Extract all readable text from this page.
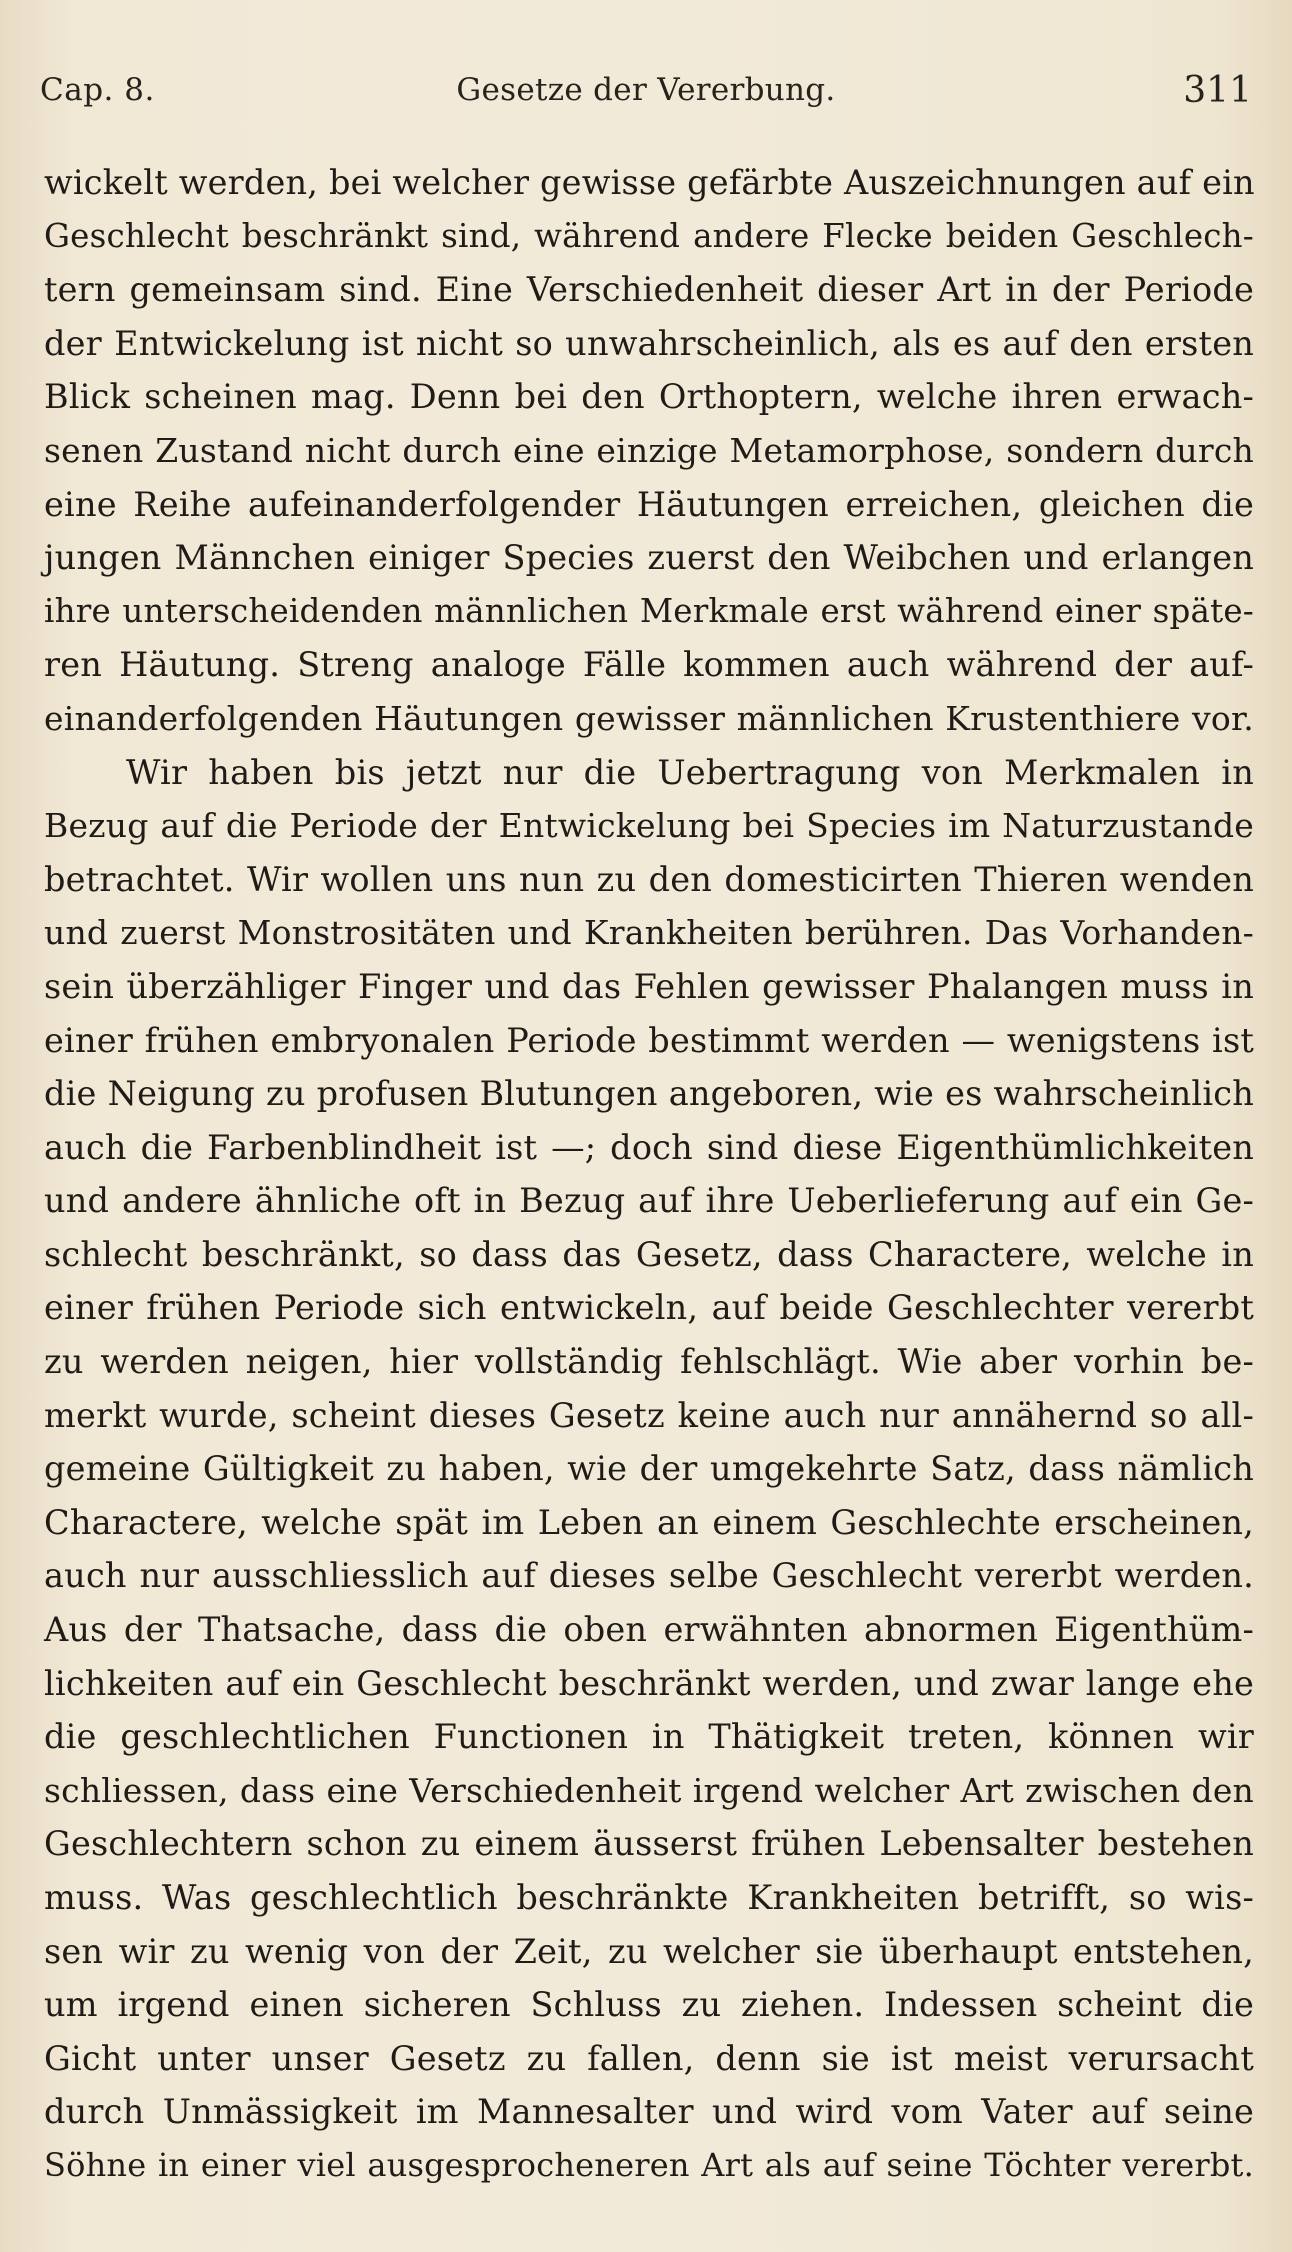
Cap. 8.	Gesetze der Vererbung.	311
wickelt werden, bei welcher gewisse gefärbte Auszeichnungen auf ein
Geschlecht beschränkt sind, während andere Flecke beiden Geschlech-
tern gemeinsam sind. Eine Verschiedenheit dieser Art in der Periode
der Entwickelung ist nicht so unwahrscheinlich, als es auf den ersten
Blick scheinen mag. Denn bei den Orthoptern, welche ihren erwach-
senen Zustand nicht durch eine einzige Metamorphose, sondern durch
eine Reihe aufeinanderfolgender Häutungen erreichen, gleichen die
jungen Männchen einiger Species zuerst den Weibchen und erlangen
ihre unterscheidenden männlichen Merkmale erst während einer späte-
ren Häutung. Streng analoge Fälle kommen auch während der auf-
einanderfolgenden Häutungen gewisser männlichen Krustenthiere vor.
Wir haben bis jetzt nur die Uebertragung von Merkmalen in
Bezug auf die Periode der Entwickelung bei Species im Naturzustande
betrachtet. Wir wollen uns nun zu den domesticirten Thieren wenden
und zuerst Monstrositäten und Krankheiten berühren. Das Vorhanden-
sein überzähliger Finger und das Fehlen gewisser Phalangen muss in
einer frühen embryonalen Periode bestimmt werden — wenigstens ist
die Neigung zu profusen Blutungen angeboren, wie es wahrscheinlich
auch die Farbenblindheit ist —; doch sind diese Eigenthümlichkeiten
und andere ähnliche oft in Bezug auf ihre Ueberlieferung auf ein Ge-
schlecht beschränkt, so dass das Gesetz, dass Charactere, welche in
einer frühen Periode sich entwickeln, auf beide Geschlechter vererbt
zu werden neigen, hier vollständig fehlschlägt. Wie aber vorhin be-
merkt wurde, scheint dieses Gesetz keine auch nur annähernd so all-
gemeine Gültigkeit zu haben, wie der umgekehrte Satz, dass nämlich
Charactere, welche spät im Leben an einem Geschlechte erscheinen,
auch nur ausschliesslich auf dieses selbe Geschlecht vererbt werden.
Aus der Thatsache, dass die oben erwähnten abnormen Eigenthüm-
lichkeiten auf ein Geschlecht beschränkt werden, und zwar lange ehe
die geschlechtlichen Functionen in Thätigkeit treten, können wir
schliessen, dass eine Verschiedenheit irgend welcher Art zwischen den
Geschlechtern schon zu einem äusserst frühen Lebensalter bestehen
muss. Was geschlechtlich beschränkte Krankheiten betrifft, so wis-
sen wir zu wenig von der Zeit, zu welcher sie überhaupt entstehen,
um irgend einen sicheren Schluss zu ziehen. Indessen scheint die
Gicht unter unser Gesetz zu fallen, denn sie ist meist verursacht
durch Unmässigkeit im Mannesalter und wird vom Vater auf seine
Söhne in einer viel ausgesprocheneren Art als auf seine Töchter vererbt.
